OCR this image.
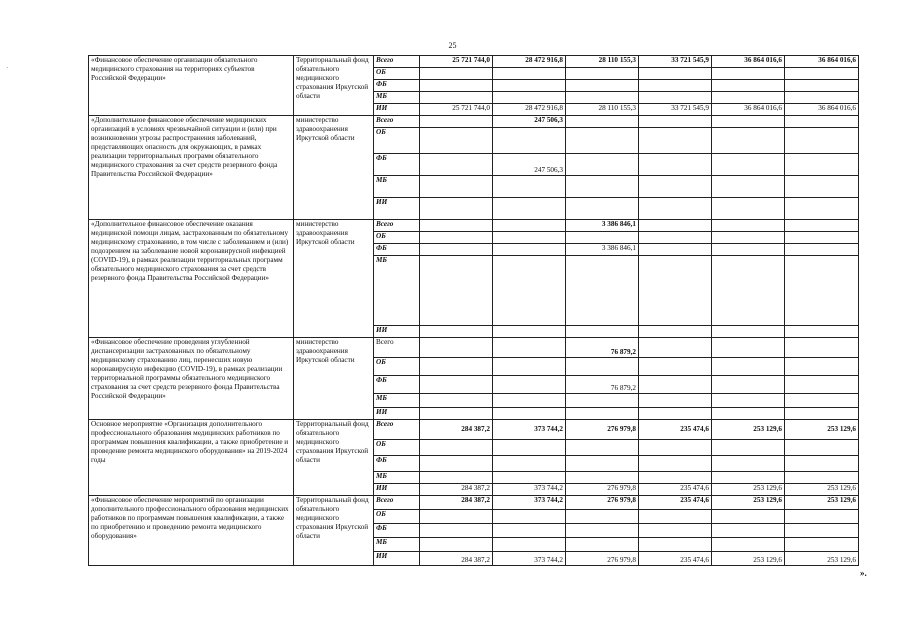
25
·
«Финансовое обеспечение организации обязательного медицинского страхования на территориях субъектов Российской Федерации»	Территориальный фонд обязательного медицинского страхования Иркутской области	Всего	25 721 744,0	28 472 916,8	28 110 155,3	33 721 545,9	36 864 016,6	36 864 016,6
		ОБ						
		ФБ						
		МБ						
		ИИ	25 721 744,0	28 472 916,8	28 110 155,3	33 721 545,9	36 864 016,6	36 864 016,6
«Дополнительное финансовое обеспечение медицинских организаций в условиях чрезвычайной ситуации и (или) при возникновении угрозы распространения заболеваний, представляющих опасность для окружающих, в рамках реализации территориальных программ обязательного медицинского страхования за счет средств резервного фонда Правительства Российской Федерации»	министерство здравоохранения Иркутской области	Всего		247 506,3				
		ОБ						
		ФБ		247 506,3				
		МБ						
		ИИ						
«Дополнительное финансовое обеспечение оказания медицинской помощи лицам, застрахованным по обязательному медицинскому страхованию, в том числе с заболеванием и (или) подозрением на заболевание новой коронавирусной инфекцией (COVID-19), в рамках реализации территориальных программ обязательного медицинского страхования за счет средств резервного фонда Правительства Российской Федерации»	министерство здравоохранения Иркутской области	Всего			3 386 846,1			
		ОБ						
		ФБ			3 386 846,1			
		МБ						
		ИИ						
«Финансовое обеспечение проведения углубленной диспансеризации застрахованных по обязательному медицинскому страхованию лиц, перенесших новую коронавирусную инфекцию (COVID-19), в рамках реализации территориальной программы обязательного медицинского страхования за счет средств резервного фонда Правительства Российской Федерации»	министерство здравоохранения Иркутской области	Всего			76 879,2			
		ОБ						
		ФБ			76 879,2			
		МБ						
		ИИ						
Основное мероприятие «Организация дополнительного профессионального образования медицинских работников по программам повышения квалификации, а также приобретение и проведение ремонта медицинского оборудования» на 2019-2024 годы	Территориальный фонд обязательного медицинского страхования Иркутской области	Всего	284 387,2	373 744,2	276 979,8	235 474,6	253 129,6	253 129,6
		ОБ						
		ФБ						
		МБ						
		ИИ	284 387,2	373 744,2	276 979,8	235 474,6	253 129,6	253 129,6
«Финансовое обеспечение мероприятий по организации дополнительного профессионального образования медицинских работников по программам повышения квалификации, а также по приобретению и проведению ремонта медицинского оборудования»	Территориальный фонд обязательного медицинского страхования Иркутской области	Всего	284 387,2	373 744,2	276 979,8	235 474,6	253 129,6	253 129,6
		ОБ						
		ФБ						
		МБ						
		ИИ	284 387,2	373 744,2	276 979,8	235 474,6	253 129,6	253 129,6
».
